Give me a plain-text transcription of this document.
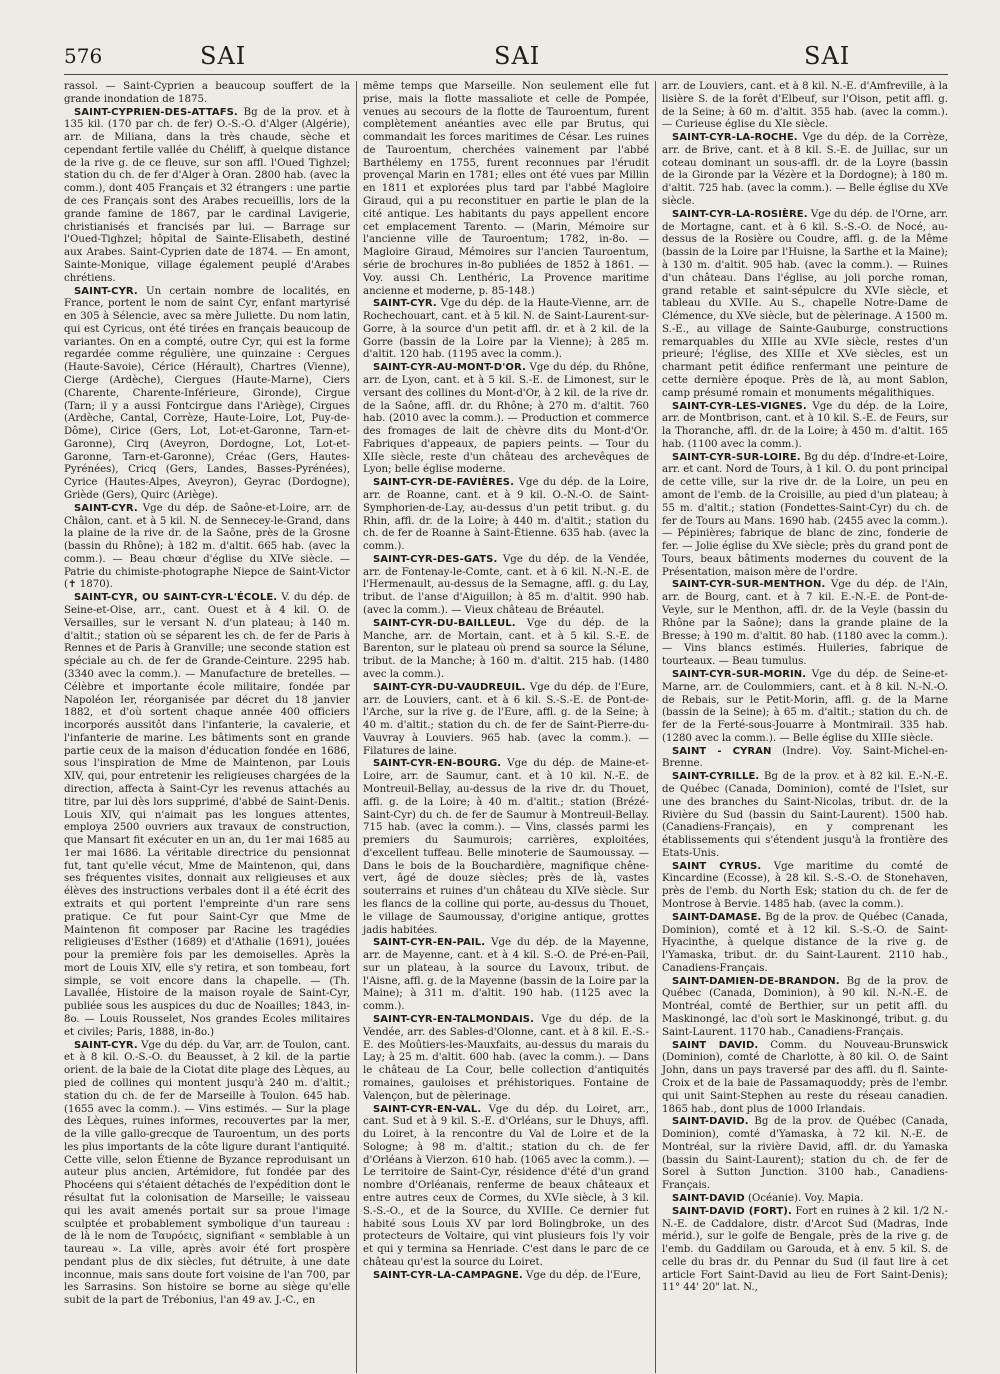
576	SAI	SAI	SAI

rassol. — Saint-Cyprien a beaucoup souffert de la grande inondation de 1875.

SAINT-CYPRIEN-DES-ATTAFS. Bg de la prov. et à 135 kil. (170 par ch. de fer) O.-S.-O. d'Alger (Algérie), arr. de Miliana, dans la très chaude, sèche et cependant fertile vallée du Chéliff, à quelque distance de la rive g. de ce fleuve, sur son affl. l'Oued Tighzel; station du ch. de fer d'Alger à Oran. 2800 hab. (avec la comm.), dont 405 Français et 32 étrangers : une partie de ces Français sont des Arabes recueillis, lors de la grande famine de 1867, par le cardinal Lavigerie, christianisés et francisés par lui. — Barrage sur l'Oued-Tighzel; hôpital de Sainte-Elisabeth, destiné aux Arabes. Saint-Cyprien date de 1874. — En amont, Sainte-Monique, village également peuplé d'Arabes chrétiens.

SAINT-CYR. Un certain nombre de localités, en France, portent le nom de saint Cyr, enfant martyrisé en 305 à Sélencie, avec sa mère Juliette. Du nom latin, qui est Cyricus, ont été tirées en français beaucoup de variantes. On en a compté, outre Cyr, qui est la forme regardée comme régulière, une quinzaine : Cergues (Haute-Savoie), Cérice (Hérault), Chartres (Vienne), Cierge (Ardèche), Ciergues (Haute-Marne), Ciers (Charente, Charente-Inférieure, Gironde), Cirgue (Tarn; il y a aussi Fontcirgue dans l'Ariège), Cirgues (Ardèche, Cantal, Corrèze, Haute-Loire, Lot, Puy-de-Dôme), Cirice (Gers, Lot, Lot-et-Garonne, Tarn-et-Garonne), Cirq (Aveyron, Dordogne, Lot, Lot-et-Garonne, Tarn-et-Garonne), Créac (Gers, Hautes-Pyrénées), Cricq (Gers, Landes, Basses-Pyrénées), Cyrice (Hautes-Alpes, Aveyron), Geyrac (Dordogne), Griède (Gers), Quirc (Ariège).

SAINT-CYR. Vge du dép. de Saône-et-Loire, arr. de Châlon, cant. et à 5 kil. N. de Sennecey-le-Grand, dans la plaine de la rive dr. de la Saône, près de la Grosne (bassin du Rhône); à 182 m. d'altit. 665 hab. (avec la comm.). — Beau chœur d'église du XIVe siècle. — Patrie du chimiste-photographe Niepce de Saint-Victor (✝ 1870).

SAINT-CYR, OU SAINT-CYR-L'ÉCOLE. V. du dép. de Seine-et-Oise, arr., cant. Ouest et à 4 kil. O. de Versailles, sur le versant N. d'un plateau; à 140 m. d'altit.; station où se séparent les ch. de fer de Paris à Rennes et de Paris à Granville; une seconde station est spéciale au ch. de fer de Grande-Ceinture. 2295 hab. (3340 avec la comm.). — Manufacture de bretelles. — Célèbre et importante école militaire, fondée par Napoléon Ier, réorganisée par décret du 18 janvier 1882, et d'où sortent chaque année 400 officiers incorporés aussitôt dans l'infanterie, la cavalerie, et l'infanterie de marine. Les bâtiments sont en grande partie ceux de la maison d'éducation fondée en 1686, sous l'inspiration de Mme de Maintenon, par Louis XIV, qui, pour entretenir les religieuses chargées de la direction, affecta à Saint-Cyr les revenus attachés au titre, par lui dès lors supprimé, d'abbé de Saint-Denis. Louis XIV, qui n'aimait pas les longues attentes, employa 2500 ouvriers aux travaux de construction, que Mansart fit exécuter en un an, du 1er mai 1685 au 1er mai 1686. La véritable directrice du pensionnat fut, tant qu'elle vécut, Mme de Maintenon, qui, dans ses fréquentes visites, donnait aux religieuses et aux élèves des instructions verbales dont il a été écrit des extraits et qui portent l'empreinte d'un rare sens pratique. Ce fut pour Saint-Cyr que Mme de Maintenon fit composer par Racine les tragédies religieuses d'Esther (1689) et d'Athalie (1691), jouées pour la première fois par les demoiselles. Après la mort de Louis XIV, elle s'y retira, et son tombeau, fort simple, se voit encore dans la chapelle. — (Th. Lavallée, Histoire de la maison royale de Saint-Cyr, publiée sous les auspices du duc de Noailles; 1843, in-8o. — Louis Rousselet, Nos grandes Ecoles militaires et civiles; Paris, 1888, in-8o.)

SAINT-CYR. Vge du dép. du Var, arr. de Toulon, cant. et à 8 kil. O.-S.-O. du Beausset, à 2 kil. de la partie orient. de la baie de la Ciotat dite plage des Lèques, au pied de collines qui montent jusqu'à 240 m. d'altit.; station du ch. de fer de Marseille à Toulon. 645 hab. (1655 avec la comm.). — Vins estimés. — Sur la plage des Lèques, ruines informes, recouvertes par la mer, de la ville gallo-grecque de Tauroentum, un des ports les plus importants de la côte ligure durant l'antiquité. Cette ville, selon Étienne de Byzance reproduisant un auteur plus ancien, Artémidore, fut fondée par des Phocéens qui s'étaient détachés de l'expédition dont le résultat fut la colonisation de Marseille; le vaisseau qui les avait amenés portait sur sa proue l'image sculptée et probablement symbolique d'un taureau : de là le nom de Ταυρόεις, signifiant « semblable à un taureau ». La ville, après avoir été fort prospère pendant plus de dix siècles, fut détruite, à une date inconnue, mais sans doute fort voisine de l'an 700, par les Sarrasins. Son histoire se borne au siège qu'elle subit de la part de Trébonius, l'an 49 av. J.-C., en

même temps que Marseille. Non seulement elle fut prise, mais la flotte massaliote et celle de Pompée, venues au secours de la flotte de Tauroentum, furent complètement anéanties avec elle par Brutus, qui commandait les forces maritimes de César. Les ruines de Tauroentum, cherchées vainement par l'abbé Barthélemy en 1755, furent reconnues par l'érudit provençal Marin en 1781; elles ont été vues par Millin en 1811 et explorées plus tard par l'abbé Magloire Giraud, qui a pu reconstituer en partie le plan de la cité antique. Les habitants du pays appellent encore cet emplacement Tarento. — (Marin, Mémoire sur l'ancienne ville de Tauroentum; 1782, in-8o. — Magloire Giraud, Mémoires sur l'ancien Tauroentum, série de brochures in-8o publiées de 1852 à 1861. — Voy. aussi Ch. Lenthéric, La Provence maritime ancienne et moderne, p. 85-148.)

SAINT-CYR. Vge du dép. de la Haute-Vienne, arr. de Rochechouart, cant. et à 5 kil. N. de Saint-Laurent-sur-Gorre, à la source d'un petit affl. dr. et à 2 kil. de la Gorre (bassin de la Loire par la Vienne); à 285 m. d'altit. 120 hab. (1195 avec la comm.).

SAINT-CYR-AU-MONT-D'OR. Vge du dép. du Rhône, arr. de Lyon, cant. et à 5 kil. S.-E. de Limonest, sur le versant des collines du Mont-d'Or, à 2 kil. de la rive dr. de la Saône, affl. dr. du Rhône; à 270 m. d'altit. 760 hab. (2010 avec la comm.). — Production et commerce des fromages de lait de chèvre dits du Mont-d'Or. Fabriques d'appeaux, de papiers peints. — Tour du XIIe siècle, reste d'un château des archevêques de Lyon; belle église moderne.

SAINT-CYR-DE-FAVIÈRES. Vge du dép. de la Loire, arr. de Roanne, cant. et à 9 kil. O.-N.-O. de Saint-Symphorien-de-Lay, au-dessus d'un petit tribut. g. du Rhin, affl. dr. de la Loire; à 440 m. d'altit.; station du ch. de fer de Roanne à Saint-Étienne. 635 hab. (avec la comm.).

SAINT-CYR-DES-GATS. Vge du dép. de la Vendée, arr. de Fontenay-le-Comte, cant. et à 6 kil. N.-N.-E. de l'Hermenault, au-dessus de la Semagne, affl. g. du Lay, tribut. de l'anse d'Aiguillon; à 85 m. d'altit. 990 hab. (avec la comm.). — Vieux château de Bréautel.

SAINT-CYR-DU-BAILLEUL. Vge du dép. de la Manche, arr. de Mortain, cant. et à 5 kil. S.-E. de Barenton, sur le plateau où prend sa source la Sélune, tribut. de la Manche; à 160 m. d'altit. 215 hab. (1480 avec la comm.).

SAINT-CYR-DU-VAUDREUIL. Vge du dép. de l'Eure, arr. de Louviers, cant. et à 6 kil. S.-S.-E. de Pont-de-l'Arche, sur la rive g. de l'Eure, affl. g. de la Seine; à 40 m. d'altit.; station du ch. de fer de Saint-Pierre-du-Vauvray à Louviers. 965 hab. (avec la comm.). — Filatures de laine.

SAINT-CYR-EN-BOURG. Vge du dép. de Maine-et-Loire, arr. de Saumur, cant. et à 10 kil. N.-E. de Montreuil-Bellay, au-dessus de la rive dr. du Thouet, affl. g. de la Loire; à 40 m. d'altit.; station (Brézé-Saint-Cyr) du ch. de fer de Saumur à Montreuil-Bellay. 715 hab. (avec la comm.). — Vins, classés parmi les premiers du Saumurois; carrières, exploitées, d'excellent tuffeau. Belle minoterie de Saumoussay. — Dans le bois de la Bouchardière, magnifique chêne-vert, âgé de douze siècles; près de là, vastes souterrains et ruines d'un château du XIVe siècle. Sur les flancs de la colline qui porte, au-dessus du Thouet, le village de Saumoussay, d'origine antique, grottes jadis habitées.

SAINT-CYR-EN-PAIL. Vge du dép. de la Mayenne, arr. de Mayenne, cant. et à 4 kil. S.-O. de Pré-en-Pail, sur un plateau, à la source du Lavoux, tribut. de l'Aisne, affl. g. de la Mayenne (bassin de la Loire par la Maine); à 311 m. d'altit. 190 hab. (1125 avec la comm.).

SAINT-CYR-EN-TALMONDAIS. Vge du dép. de la Vendée, arr. des Sables-d'Olonne, cant. et à 8 kil. E.-S.-E. des Moûtiers-les-Mauxfaits, au-dessus du marais du Lay; à 25 m. d'altit. 600 hab. (avec la comm.). — Dans le château de La Cour, belle collection d'antiquités romaines, gauloises et préhistoriques. Fontaine de Valençon, but de pèlerinage.

SAINT-CYR-EN-VAL. Vge du dép. du Loiret, arr., cant. Sud et à 9 kil. S.-E. d'Orléans, sur le Dhuys, affl. du Loiret, à la rencontre du Val de Loire et de la Sologne; à 98 m. d'altit.; station du ch. de fer d'Orléans à Vierzon. 610 hab. (1065 avec la comm.). — Le territoire de Saint-Cyr, résidence d'été d'un grand nombre d'Orléanais, renferme de beaux châteaux et entre autres ceux de Cormes, du XVIe siècle, à 3 kil. S.-S.-O., et de la Source, du XVIIIe. Ce dernier fut habité sous Louis XV par lord Bolingbroke, un des protecteurs de Voltaire, qui vint plusieurs fois l'y voir et qui y termina sa Henriade. C'est dans le parc de ce château qu'est la source du Loiret.

SAINT-CYR-LA-CAMPAGNE. Vge du dép. de l'Eure,

arr. de Louviers, cant. et à 8 kil. N.-E. d'Amfreville, à la lisière S. de la forêt d'Elbeuf, sur l'Oison, petit affl. g. de la Seine; à 60 m. d'altit. 355 hab. (avec la comm.). — Curieuse église du XIe siècle.

SAINT-CYR-LA-ROCHE. Vge du dép. de la Corrèze, arr. de Brive, cant. et à 8 kil. S.-E. de Juillac, sur un coteau dominant un sous-affl. dr. de la Loyre (bassin de la Gironde par la Vézère et la Dordogne); à 180 m. d'altit. 725 hab. (avec la comm.). — Belle église du XVe siècle.

SAINT-CYR-LA-ROSIÈRE. Vge du dép. de l'Orne, arr. de Mortagne, cant. et à 6 kil. S.-S.-O. de Nocé, au-dessus de la Rosière ou Coudre, affl. g. de la Même (bassin de la Loire par l'Huisne, la Sarthe et la Maine); à 130 m. d'altit. 905 hab. (avec la comm.). — Ruines d'un château. Dans l'église, au joli porche roman, grand retable et saint-sépulcre du XVIe siècle, et tableau du XVIIe. Au S., chapelle Notre-Dame de Clémence, du XVe siècle, but de pèlerinage. A 1500 m. S.-E., au village de Sainte-Gauburge, constructions remarquables du XIIIe au XVIe siècle, restes d'un prieuré; l'église, des XIIIe et XVe siècles, est un charmant petit édifice renfermant une peinture de cette dernière époque. Près de là, au mont Sablon, camp présumé romain et monuments mégalithiques.

SAINT-CYR-LES-VIGNES. Vge du dép. de la Loire, arr. de Montbrison, cant. et à 10 kil. S.-E. de Feurs, sur la Thoranche, affl. dr. de la Loire; à 450 m. d'altit. 165 hab. (1100 avec la comm.).

SAINT-CYR-SUR-LOIRE. Bg du dép. d'Indre-et-Loire, arr. et cant. Nord de Tours, à 1 kil. O. du pont principal de cette ville, sur la rive dr. de la Loire, un peu en amont de l'emb. de la Croisille, au pied d'un plateau; à 55 m. d'altit.; station (Fondettes-Saint-Cyr) du ch. de fer de Tours au Mans. 1690 hab. (2455 avec la comm.). — Pépinières; fabrique de blanc de zinc, fonderie de fer. — Jolie église du XVe siècle; près du grand pont de Tours, beaux bâtiments modernes du couvent de la Présentation, maison mère de l'ordre.

SAINT-CYR-SUR-MENTHON. Vge du dép. de l'Ain, arr. de Bourg, cant. et à 7 kil. E.-N.-E. de Pont-de-Veyle, sur le Menthon, affl. dr. de la Veyle (bassin du Rhône par la Saône); dans la grande plaine de la Bresse; à 190 m. d'altit. 80 hab. (1180 avec la comm.). — Vins blancs estimés. Huileries, fabrique de tourteaux. — Beau tumulus.

SAINT-CYR-SUR-MORIN. Vge du dép. de Seine-et-Marne, arr. de Coulommiers, cant. et à 8 kil. N.-N.-O. de Rebais, sur le Petit-Morin, affl. g. de la Marne (bassin de la Seine); à 65 m. d'altit.; station du ch. de fer de la Ferté-sous-Jouarre à Montmirail. 335 hab. (1280 avec la comm.). — Belle église du XIIIe siècle.

SAINT - CYRAN (Indre). Voy. Saint-Michel-en-Brenne.

SAINT-CYRILLE. Bg de la prov. et à 82 kil. E.-N.-E. de Québec (Canada, Dominion), comté de l'Islet, sur une des branches du Saint-Nicolas, tribut. dr. de la Rivière du Sud (bassin du Saint-Laurent). 1500 hab. (Canadiens-Français), en y comprenant les établissements qui s'étendent jusqu'à la frontière des Etats-Unis.

SAINT CYRUS. Vge maritime du comté de Kincardine (Ecosse), à 28 kil. S.-S.-O. de Stonehaven, près de l'emb. du North Esk; station du ch. de fer de Montrose à Bervie. 1485 hab. (avec la comm.).

SAINT-DAMASE. Bg de la prov. de Québec (Canada, Dominion), comté et à 12 kil. S.-S.-O. de Saint-Hyacinthe, à quelque distance de la rive g. de l'Yamaska, tribut. dr. du Saint-Laurent. 2110 hab., Canadiens-Français.

SAINT-DAMIEN-DE-BRANDON. Bg de la prov. de Québec (Canada, Dominion), à 90 kil. N.-N.-E. de Montréal, comté de Berthier, sur un petit affl. du Maskinongé, lac d'où sort le Maskinongé, tribut. g. du Saint-Laurent. 1170 hab., Canadiens-Français.

SAINT DAVID. Comm. du Nouveau-Brunswick (Dominion), comté de Charlotte, à 80 kil. O. de Saint John, dans un pays traversé par des affl. du fl. Sainte-Croix et de la baie de Passamaquoddy; près de l'embr. qui unit Saint-Stephen au reste du réseau canadien. 1865 hab., dont plus de 1000 Irlandais.

SAINT-DAVID. Bg de la prov. de Québec (Canada, Dominion), comté d'Yamaska, à 72 kil. N.-E. de Montréal, sur la rivière David, affl. dr. du Yamaska (bassin du Saint-Laurent); station du ch. de fer de Sorel à Sutton Junction. 3100 hab., Canadiens-Français.

SAINT-DAVID (Océanie). Voy. Mapia.

SAINT-DAVID (FORT). Fort en ruines à 2 kil. 1/2 N.-N.-E. de Caddalore, distr. d'Arcot Sud (Madras, Inde mérid.), sur le golfe de Bengale, près de la rive g. de l'emb. du Gaddilam ou Garouda, et à env. 5 kil. S. de celle du bras dr. du Pennar du Sud (il faut lire à cet article Fort Saint-David au lieu de Fort Saint-Denis); 11° 44' 20" lat. N.,
